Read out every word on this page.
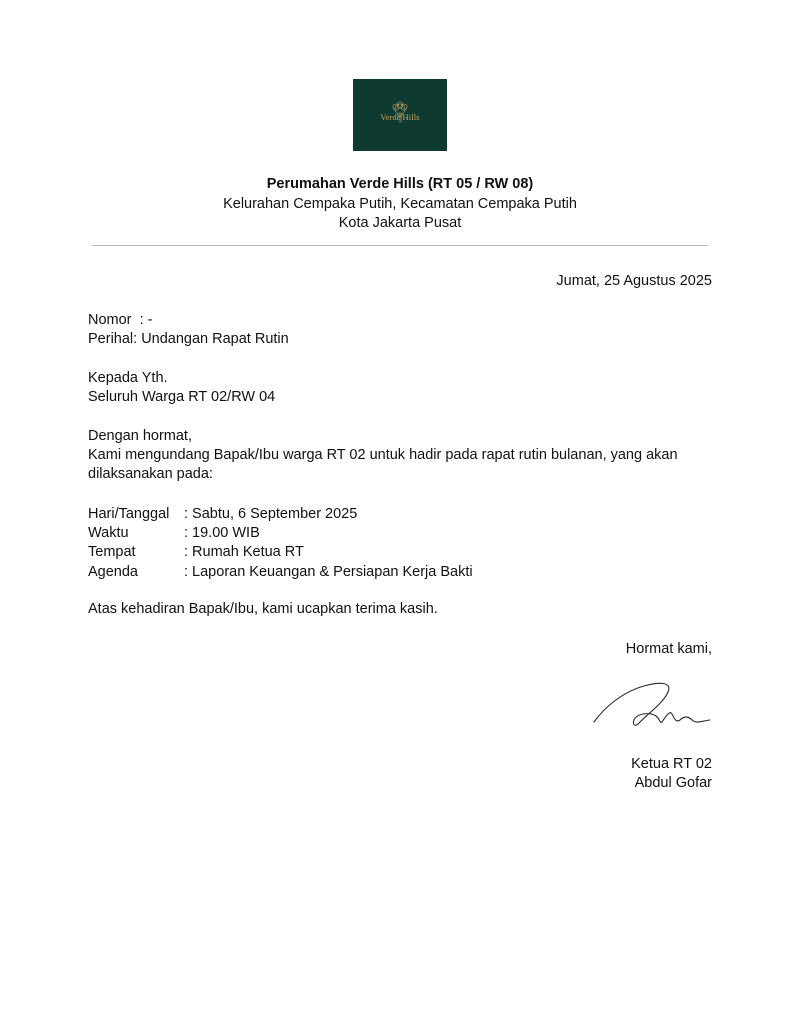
Verde|Hills
Perumahan Verde Hills (RT 05 / RW 08)
Kelurahan Cempaka Putih, Kecamatan Cempaka Putih
Kota Jakarta Pusat
Jumat, 25 Agustus 2025
Nomor : -
Perihal: Undangan Rapat Rutin
Kepada Yth.
Seluruh Warga RT 02/RW 04
Dengan hormat,
Kami mengundang Bapak/Ibu warga RT 02 untuk hadir pada rapat rutin bulanan, yang akan
dilaksanakan pada:
Hari/Tanggal : Sabtu, 6 September 2025
Waktu	: 19.00 WIB
Tempat	: Rumah Ketua RT
Agenda	: Laporan Keuangan & Persiapan Kerja Bakti
Atas kehadiran Bapak/Ibu, kami ucapkan terima kasih.
Hormat kami,
Ketua RT 02
Abdul Gofar
